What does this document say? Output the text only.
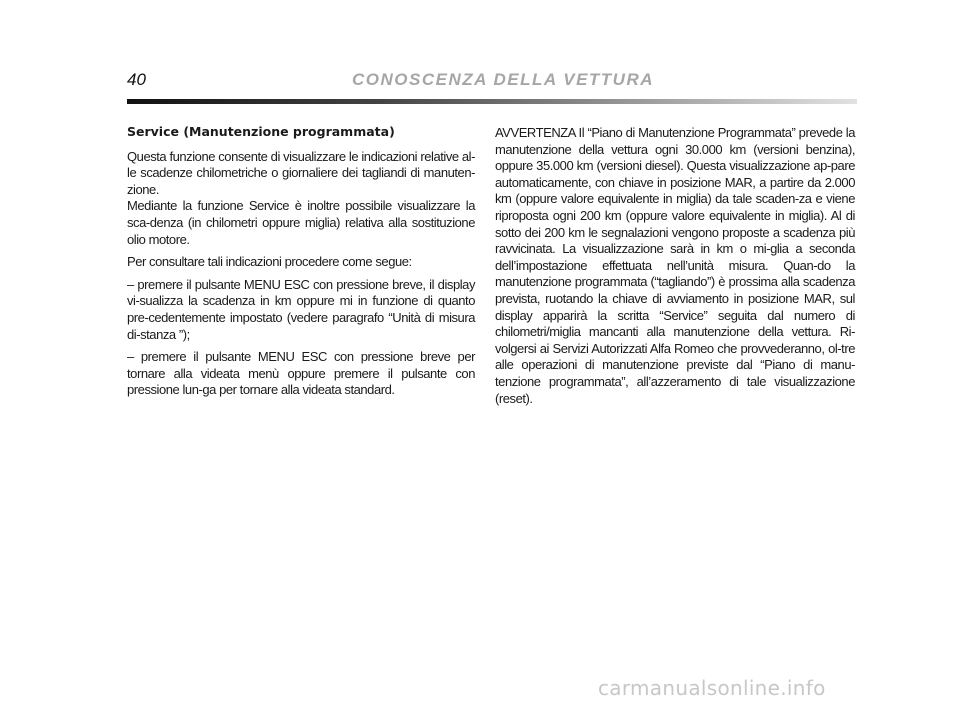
40	CONOSCENZA DELLA VETTURA

Service (Manutenzione programmata)

Questa funzione consente di visualizzare le indicazioni relative al-le scadenze chilometriche o giornaliere dei tagliandi di manuten-zione.

Mediante la funzione Service è inoltre possibile visualizzare la sca-denza (in chilometri oppure miglia) relativa alla sostituzione olio motore.

Per consultare tali indicazioni procedere come segue:

– premere il pulsante MENU ESC con pressione breve, il display vi-sualizza la scadenza in km oppure mi in funzione di quanto pre-cedentemente impostato (vedere paragrafo “Unità di misura di-stanza ”);

– premere il pulsante MENU ESC con pressione breve per tornare alla videata menù oppure premere il pulsante con pressione lun-ga per tornare alla videata standard.

AVVERTENZA Il “Piano di Manutenzione Programmata” prevede la manutenzione della vettura ogni 30.000 km (versioni benzina), oppure 35.000 km (versioni diesel). Questa visualizzazione ap-pare automaticamente, con chiave in posizione MAR, a partire da 2.000 km (oppure valore equivalente in miglia) da tale scaden-za e viene riproposta ogni 200 km (oppure valore equivalente in miglia). Al di sotto dei 200 km le segnalazioni vengono proposte a scadenza più ravvicinata. La visualizzazione sarà in km o mi-glia a seconda dell’impostazione effettuata nell’unità misura. Quan-do la manutenzione programmata (“tagliando”) è prossima alla scadenza prevista, ruotando la chiave di avviamento in posizione MAR, sul display apparirà la scritta “Service” seguita dal numero di chilometri/miglia mancanti alla manutenzione della vettura. Ri-volgersi ai Servizi Autorizzati Alfa Romeo che provvederanno, ol-tre alle operazioni di manutenzione previste dal “Piano di manu-tenzione programmata”, all’azzeramento di tale visualizzazione (reset).

carmanualsonline.info
